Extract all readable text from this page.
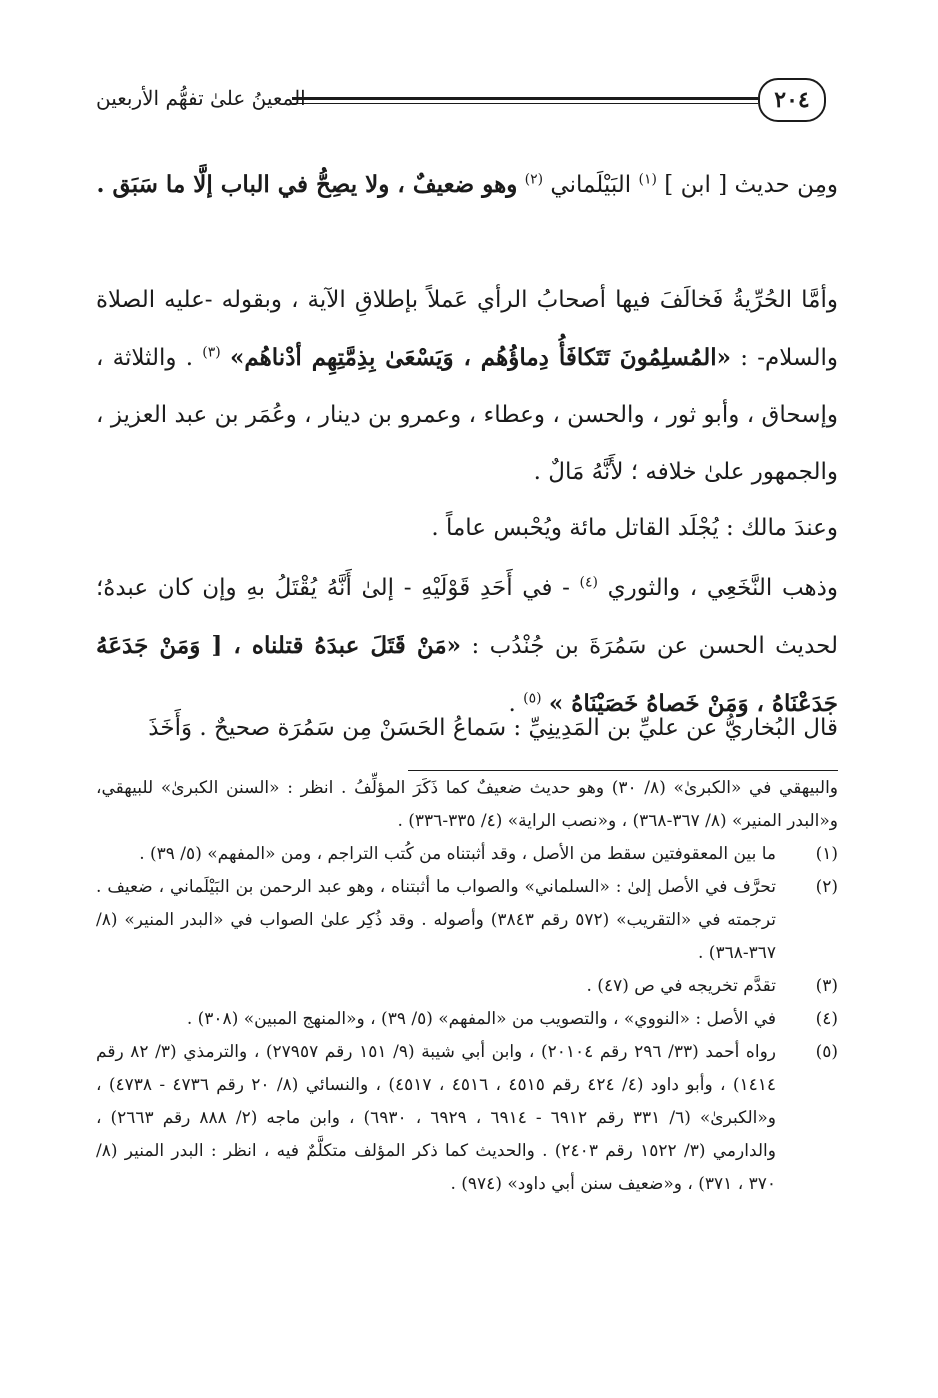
المعينُ علىٰ تفهُّم الأربعين	٢٠٤

ومِن حديث [ ابن ] $^{(١)}$ البَيْلَماني $^{(٢)}$ وهو ضعيفٌ ، ولا يصِحُّ في الباب إلَّا ما سَبَق .

وأمَّا الحُرِّيةُ فَخالَفَ فيها أصحابُ الرأي عَملاً بإطلاقِ الآية ، وبقوله -عليه الصلاة والسلام- : «المُسلِمُونَ تَتَكافَأُ دِماؤُهُم ، وَيَسْعَىٰ بِذِمَّتِهِم أدْناهُم» $^{(٣)}$ . والثلاثة ، وإسحاق ، وأبو ثور ، والحسن ، وعطاء ، وعمرو بن دينار ، وعُمَر بن عبد العزيز ، والجمهور علىٰ خلافه ؛ لأَنَّهُ مَالٌ .

وعندَ مالك : يُجْلَد القاتل مائة ويُحْبس عاماً .

وذهب النَّخَعِي ، والثوري $^{(٤)}$ - في أَحَدِ قَوْلَيْهِ - إلىٰ أَنَّهُ يُقْتَلُ بهِ وإن كان عبدهُ؛ لحديث الحسن عن سَمُرَةَ بن جُنْدُب : «مَنْ قَتَلَ عبدَهُ قتلناه ، [ وَمَنْ جَدَعَهُ جَدَعْنَاهُ ، وَمَنْ خَصاهُ خَصَيْنَاهُ » $^{(٥)}$ .

قال البُخاريُّ عن عليِّ بن المَدِينِيِّ : سَماعُ الحَسَنْ مِن سَمُرَة صحيحٌ . وَأَخَذَ

والبيهقي في «الكبرىٰ» (٨/ ٣٠) وهو حديث ضعيفٌ كما ذَكَرَ المؤلِّفُ . انظر : «السنن الكبرىٰ» للبيهقي، و«البدر المنير» (٨/ ٣٦٧-٣٦٨) ، و«نصب الراية» (٤/ ٣٣٥-٣٣٦) .
(١)
ما بين المعقوفتين سقط من الأصل ، وقد أثبتناه من كُتب التراجم ، ومن «المفهم» (٥/ ٣٩) .
(٢)
تحرَّف في الأصل إلىٰ : «السلماني» والصواب ما أثبتناه ، وهو عبد الرحمن بن البَيْلَماني ، ضعيف . ترجمته في «التقريب» (٥٧٢ رقم ٣٨٤٣) وأصوله . وقد ذُكِر علىٰ الصواب في «البدر المنير» (٨/ ٣٦٧-٣٦٨) .
(٣)
تقدَّم تخريجه في ص (٤٧) .
(٤)
في الأصل : «النووي» ، والتصويب من «المفهم» (٥/ ٣٩) ، و«المنهج المبين» (٣٠٨) .
(٥)
رواه أحمد (٣٣/ ٢٩٦ رقم ٢٠١٠٤) ، وابن أبي شيبة (٩/ ١٥١ رقم ٢٧٩٥٧) ، والترمذي (٣/ ٨٢ رقم ١٤١٤) ، وأبو داود (٤/ ٤٢٤ رقم ٤٥١٥ ، ٤٥١٦ ، ٤٥١٧) ، والنسائي (٨/ ٢٠ رقم ٤٧٣٦ - ٤٧٣٨) ، و«الكبرىٰ» (٦/ ٣٣١ رقم ٦٩١٢ - ٦٩١٤ ، ٦٩٢٩ ، ٦٩٣٠) ، وابن ماجه (٢/ ٨٨٨ رقم ٢٦٦٣) ، والدارمي (٣/ ١٥٢٢ رقم ٢٤٠٣) . والحديث كما ذكر المؤلف متكلَّمٌ فيه ، انظر : البدر المنير (٨/ ٣٧٠ ، ٣٧١) ، و«ضعيف سنن أبي داود» (٩٧٤) .
